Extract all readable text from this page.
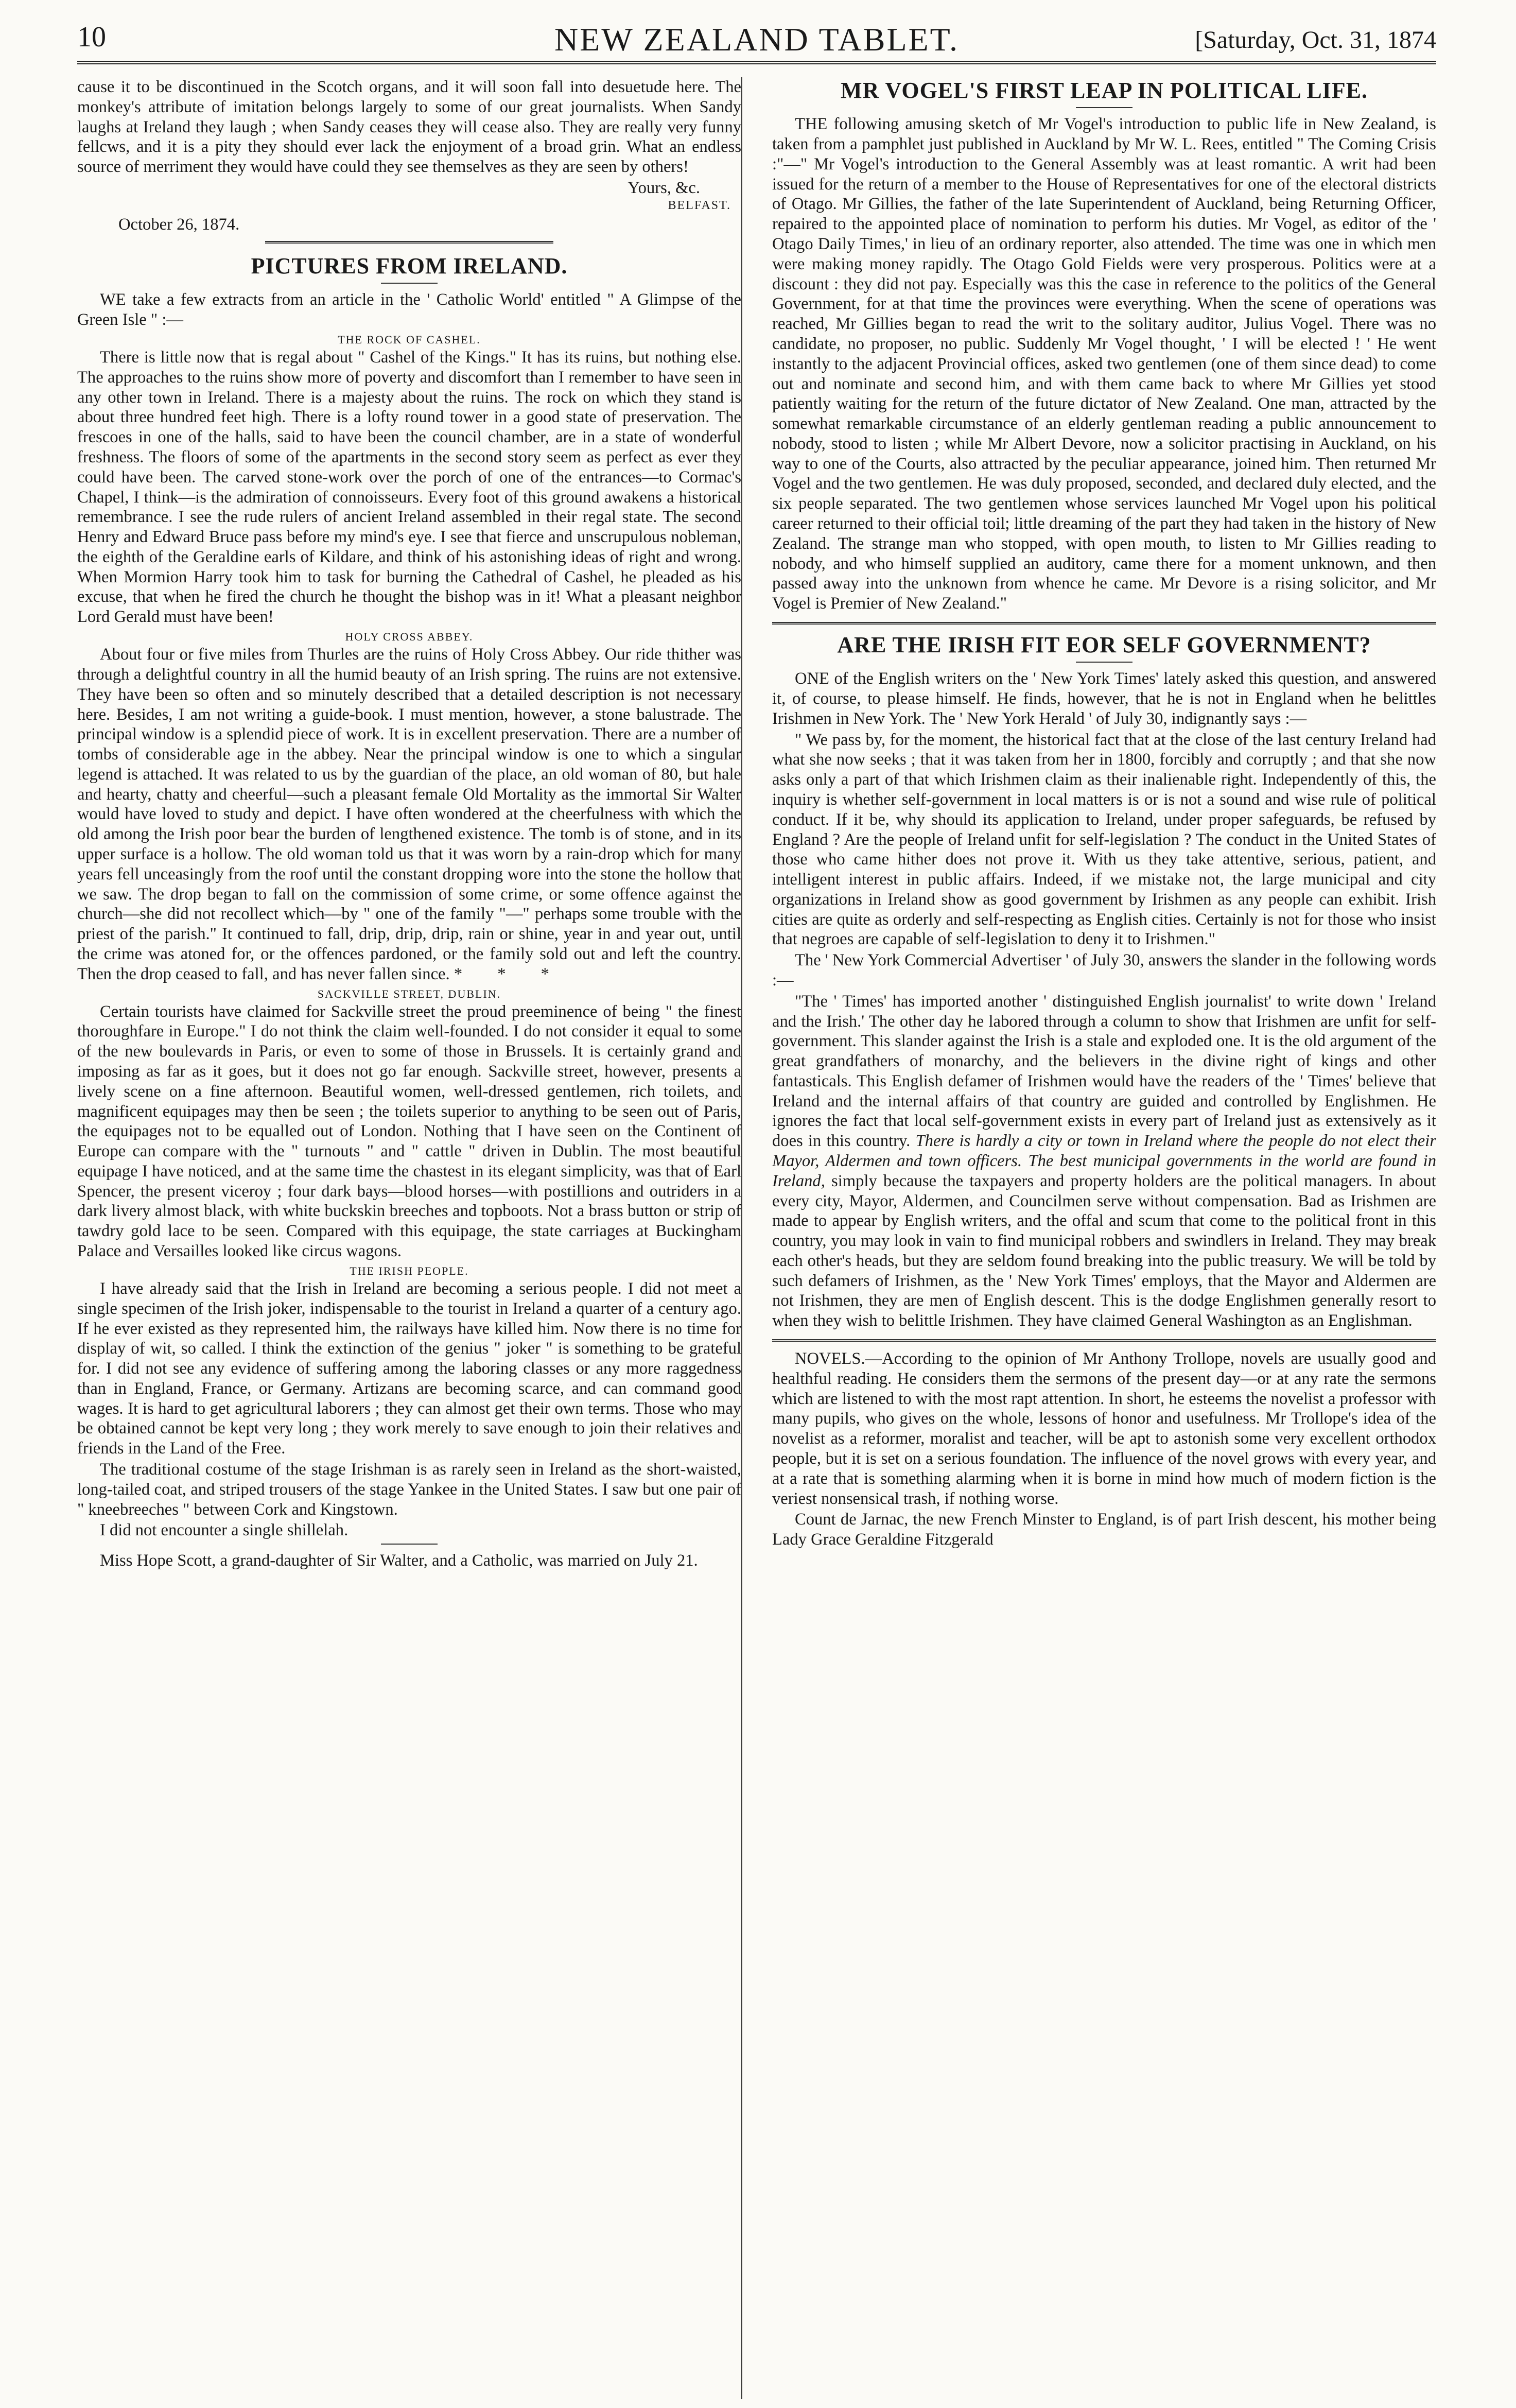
10	NEW ZEALAND TABLET.	[Saturday, Oct. 31, 1874

cause it to be discontinued in the Scotch organs, and it will soon fall into desuetude here. The monkey's attribute of imitation belongs largely to some of our great journalists. When Sandy laughs at Ireland they laugh ; when Sandy ceases they will cease also. They are really very funny fellcws, and it is a pity they should ever lack the enjoyment of a broad grin. What an endless source of merriment they would have could they see themselves as they are seen by others!

Yours, &c.
BELFAST.
October 26, 1874.
PICTURES FROM IRELAND.

WE take a few extracts from an article in the ' Catholic World' entitled " A Glimpse of the Green Isle " :—

THE ROCK OF CASHEL.

There is little now that is regal about " Cashel of the Kings." It has its ruins, but nothing else. The approaches to the ruins show more of poverty and discomfort than I remember to have seen in any other town in Ireland. There is a majesty about the ruins. The rock on which they stand is about three hundred feet high. There is a lofty round tower in a good state of preservation. The frescoes in one of the halls, said to have been the council chamber, are in a state of wonderful freshness. The floors of some of the apartments in the second story seem as perfect as ever they could have been. The carved stone-work over the porch of one of the entrances—to Cormac's Chapel, I think—is the admiration of connoisseurs. Every foot of this ground awakens a historical remembrance. I see the rude rulers of ancient Ireland assembled in their regal state. The second Henry and Edward Bruce pass before my mind's eye. I see that fierce and unscrupulous nobleman, the eighth of the Geraldine earls of Kildare, and think of his astonishing ideas of right and wrong. When Mormion Harry took him to task for burning the Cathedral of Cashel, he pleaded as his excuse, that when he fired the church he thought the bishop was in it! What a pleasant neighbor Lord Gerald must have been!

HOLY CROSS ABBEY.

About four or five miles from Thurles are the ruins of Holy Cross Abbey. Our ride thither was through a delightful country in all the humid beauty of an Irish spring. The ruins are not extensive. They have been so often and so minutely described that a detailed description is not necessary here. Besides, I am not writing a guide-book. I must mention, however, a stone balustrade. The principal window is a splendid piece of work. It is in excellent preservation. There are a number of tombs of considerable age in the abbey. Near the principal window is one to which a singular legend is attached. It was related to us by the guardian of the place, an old woman of 80, but hale and hearty, chatty and cheerful—such a pleasant female Old Mortality as the immortal Sir Walter would have loved to study and depict. I have often wondered at the cheerfulness with which the old among the Irish poor bear the burden of lengthened existence. The tomb is of stone, and in its upper surface is a hollow. The old woman told us that it was worn by a rain-drop which for many years fell unceasingly from the roof until the constant dropping wore into the stone the hollow that we saw. The drop began to fall on the commission of some crime, or some offence against the church—she did not recollect which—by " one of the family "—" perhaps some trouble with the priest of the parish." It continued to fall, drip, drip, drip, rain or shine, year in and year out, until the crime was atoned for, or the offences pardoned, or the family sold out and left the country. Then the drop ceased to fall, and has never fallen since. * * *

SACKVILLE STREET, DUBLIN.

Certain tourists have claimed for Sackville street the proud preeminence of being " the finest thoroughfare in Europe." I do not think the claim well-founded. I do not consider it equal to some of the new boulevards in Paris, or even to some of those in Brussels. It is certainly grand and imposing as far as it goes, but it does not go far enough. Sackville street, however, presents a lively scene on a fine afternoon. Beautiful women, well-dressed gentlemen, rich toilets, and magnificent equipages may then be seen ; the toilets superior to anything to be seen out of Paris, the equipages not to be equalled out of London. Nothing that I have seen on the Continent of Europe can compare with the " turnouts " and " cattle " driven in Dublin. The most beautiful equipage I have noticed, and at the same time the chastest in its elegant simplicity, was that of Earl Spencer, the present viceroy ; four dark bays—blood horses—with postillions and outriders in a dark livery almost black, with white buckskin breeches and topboots. Not a brass button or strip of tawdry gold lace to be seen. Compared with this equipage, the state carriages at Buckingham Palace and Versailles looked like circus wagons.

THE IRISH PEOPLE.

I have already said that the Irish in Ireland are becoming a serious people. I did not meet a single specimen of the Irish joker, indispensable to the tourist in Ireland a quarter of a century ago. If he ever existed as they represented him, the railways have killed him. Now there is no time for display of wit, so called. I think the extinction of the genius " joker " is something to be grateful for. I did not see any evidence of suffering among the laboring classes or any more raggedness than in England, France, or Germany. Artizans are becoming scarce, and can command good wages. It is hard to get agricultural laborers ; they can almost get their own terms. Those who may be obtained cannot be kept very long ; they work merely to save enough to join their relatives and friends in the Land of the Free.

The traditional costume of the stage Irishman is as rarely seen in Ireland as the short-waisted, long-tailed coat, and striped trousers of the stage Yankee in the United States. I saw but one pair of " kneebreeches " between Cork and Kingstown.

I did not encounter a single shillelah.

Miss Hope Scott, a grand-daughter of Sir Walter, and a Catholic, was married on July 21.

MR VOGEL'S FIRST LEAP IN POLITICAL LIFE.

THE following amusing sketch of Mr Vogel's introduction to public life in New Zealand, is taken from a pamphlet just published in Auckland by Mr W. L. Rees, entitled " The Coming Crisis :"—" Mr Vogel's introduction to the General Assembly was at least romantic. A writ had been issued for the return of a member to the House of Representatives for one of the electoral districts of Otago. Mr Gillies, the father of the late Superintendent of Auckland, being Returning Officer, repaired to the appointed place of nomination to perform his duties. Mr Vogel, as editor of the ' Otago Daily Times,' in lieu of an ordinary reporter, also attended. The time was one in which men were making money rapidly. The Otago Gold Fields were very prosperous. Politics were at a discount : they did not pay. Especially was this the case in reference to the politics of the General Government, for at that time the provinces were everything. When the scene of operations was reached, Mr Gillies began to read the writ to the solitary auditor, Julius Vogel. There was no candidate, no proposer, no public. Suddenly Mr Vogel thought, ' I will be elected ! ' He went instantly to the adjacent Provincial offices, asked two gentlemen (one of them since dead) to come out and nominate and second him, and with them came back to where Mr Gillies yet stood patiently waiting for the return of the future dictator of New Zealand. One man, attracted by the somewhat remarkable circumstance of an elderly gentleman reading a public announcement to nobody, stood to listen ; while Mr Albert Devore, now a solicitor practising in Auckland, on his way to one of the Courts, also attracted by the peculiar appearance, joined him. Then returned Mr Vogel and the two gentlemen. He was duly proposed, seconded, and declared duly elected, and the six people separated. The two gentlemen whose services launched Mr Vogel upon his political career returned to their official toil; little dreaming of the part they had taken in the history of New Zealand. The strange man who stopped, with open mouth, to listen to Mr Gillies reading to nobody, and who himself supplied an auditory, came there for a moment unknown, and then passed away into the unknown from whence he came. Mr Devore is a rising solicitor, and Mr Vogel is Premier of New Zealand."

ARE THE IRISH FIT EOR SELF GOVERNMENT?

ONE of the English writers on the ' New York Times' lately asked this question, and answered it, of course, to please himself. He finds, however, that he is not in England when he belittles Irishmen in New York. The ' New York Herald ' of July 30, indignantly says :—

" We pass by, for the moment, the historical fact that at the close of the last century Ireland had what she now seeks ; that it was taken from her in 1800, forcibly and corruptly ; and that she now asks only a part of that which Irishmen claim as their inalienable right. Independently of this, the inquiry is whether self-government in local matters is or is not a sound and wise rule of political conduct. If it be, why should its application to Ireland, under proper safeguards, be refused by England ? Are the people of Ireland unfit for self-legislation ? The conduct in the United States of those who came hither does not prove it. With us they take attentive, serious, patient, and intelligent interest in public affairs. Indeed, if we mistake not, the large municipal and city organizations in Ireland show as good government by Irishmen as any people can exhibit. Irish cities are quite as orderly and self-respecting as English cities. Certainly is not for those who insist that negroes are capable of self-legislation to deny it to Irishmen."

The ' New York Commercial Advertiser ' of July 30, answers the slander in the following words :—

"The ' Times' has imported another ' distinguished English journalist' to write down ' Ireland and the Irish.' The other day he labored through a column to show that Irishmen are unfit for self-government. This slander against the Irish is a stale and exploded one. It is the old argument of the great grandfathers of monarchy, and the believers in the divine right of kings and other fantasticals. This English defamer of Irishmen would have the readers of the ' Times' believe that Ireland and the internal affairs of that country are guided and controlled by Englishmen. He ignores the fact that local self-government exists in every part of Ireland just as extensively as it does in this country. There is hardly a city or town in Ireland where the people do not elect their Mayor, Aldermen and town officers. The best municipal governments in the world are found in Ireland, simply because the taxpayers and property holders are the political managers. In about every city, Mayor, Aldermen, and Councilmen serve without compensation. Bad as Irishmen are made to appear by English writers, and the offal and scum that come to the political front in this country, you may look in vain to find municipal robbers and swindlers in Ireland. They may break each other's heads, but they are seldom found breaking into the public treasury. We will be told by such defamers of Irishmen, as the ' New York Times' employs, that the Mayor and Aldermen are not Irishmen, they are men of English descent. This is the dodge Englishmen generally resort to when they wish to belittle Irishmen. They have claimed General Washington as an Englishman.

NOVELS.—According to the opinion of Mr Anthony Trollope, novels are usually good and healthful reading. He considers them the sermons of the present day—or at any rate the sermons which are listened to with the most rapt attention. In short, he esteems the novelist a professor with many pupils, who gives on the whole, lessons of honor and usefulness. Mr Trollope's idea of the novelist as a reformer, moralist and teacher, will be apt to astonish some very excellent orthodox people, but it is set on a serious foundation. The influence of the novel grows with every year, and at a rate that is something alarming when it is borne in mind how much of modern fiction is the veriest nonsensical trash, if nothing worse.

Count de Jarnac, the new French Minster to England, is of part Irish descent, his mother being Lady Grace Geraldine Fitzgerald
